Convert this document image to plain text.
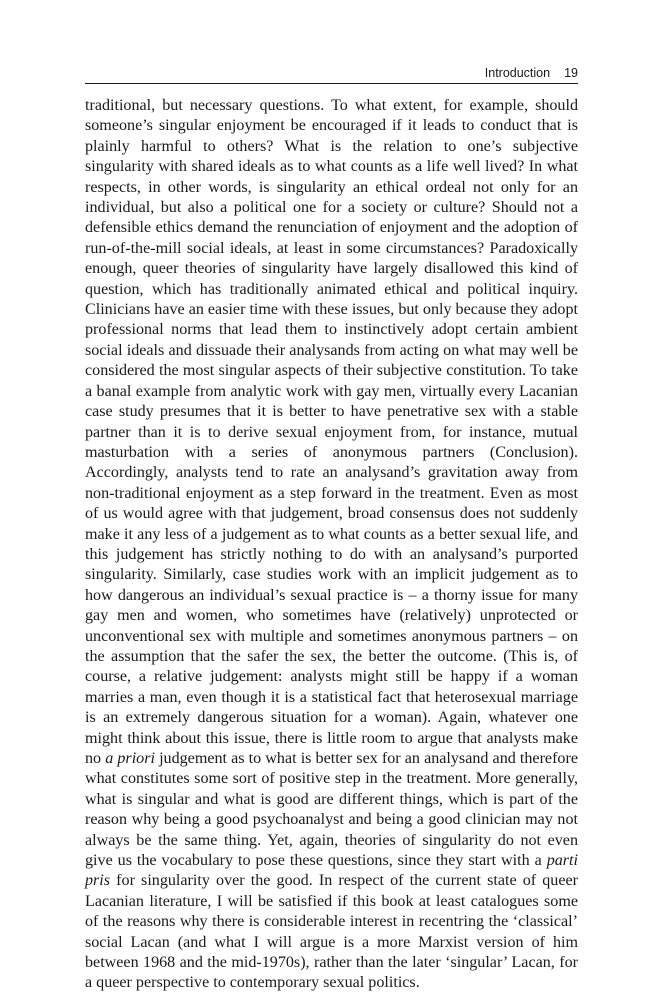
Introduction 19

traditional, but necessary questions. To what extent, for example, should someone’s singular enjoyment be encouraged if it leads to conduct that is plainly harmful to others? What is the relation to one’s subjective singularity with shared ideals as to what counts as a life well lived? In what respects, in other words, is singularity an ethical ordeal not only for an individual, but also a political one for a society or culture? Should not a defensible ethics demand the renunciation of enjoyment and the adoption of run-of-the-mill social ideals, at least in some circumstances? Paradoxically enough, queer theories of singularity have largely disallowed this kind of question, which has traditionally animated ethical and political inquiry. Clinicians have an easier time with these issues, but only because they adopt professional norms that lead them to instinctively adopt certain ambient social ideals and dissuade their analysands from acting on what may well be considered the most singular aspects of their subjective constitution. To take a banal example from analytic work with gay men, virtually every Lacanian case study presumes that it is better to have penetrative sex with a stable partner than it is to derive sexual enjoyment from, for instance, mutual masturbation with a series of anonymous partners (Conclusion). Accordingly, analysts tend to rate an analysand’s gravitation away from non-traditional enjoyment as a step forward in the treatment. Even as most of us would agree with that judgement, broad consensus does not suddenly make it any less of a judgement as to what counts as a better sexual life, and this judgement has strictly nothing to do with an analysand’s purported singularity. Similarly, case studies work with an implicit judgement as to how dangerous an individual’s sexual practice is – a thorny issue for many gay men and women, who sometimes have (relatively) unprotected or unconventional sex with multiple and sometimes anonymous partners – on the assumption that the safer the sex, the better the outcome. (This is, of course, a relative judgement: analysts might still be happy if a woman marries a man, even though it is a statistical fact that heterosexual marriage is an extremely dangerous situation for a woman). Again, whatever one might think about this issue, there is little room to argue that analysts make no a priori judgement as to what is better sex for an analysand and therefore what constitutes some sort of positive step in the treatment. More generally, what is singular and what is good are different things, which is part of the reason why being a good psychoanalyst and being a good clinician may not always be the same thing. Yet, again, theories of singularity do not even give us the vocabulary to pose these questions, since they start with a parti pris for singularity over the good. In respect of the current state of queer Lacanian literature, I will be satisfied if this book at least catalogues some of the reasons why there is considerable interest in recentring the ‘classical’ social Lacan (and what I will argue is a more Marxist version of him between 1968 and the mid-1970s), rather than the later ‘singular’ Lacan, for a queer perspective to contemporary sexual politics.
